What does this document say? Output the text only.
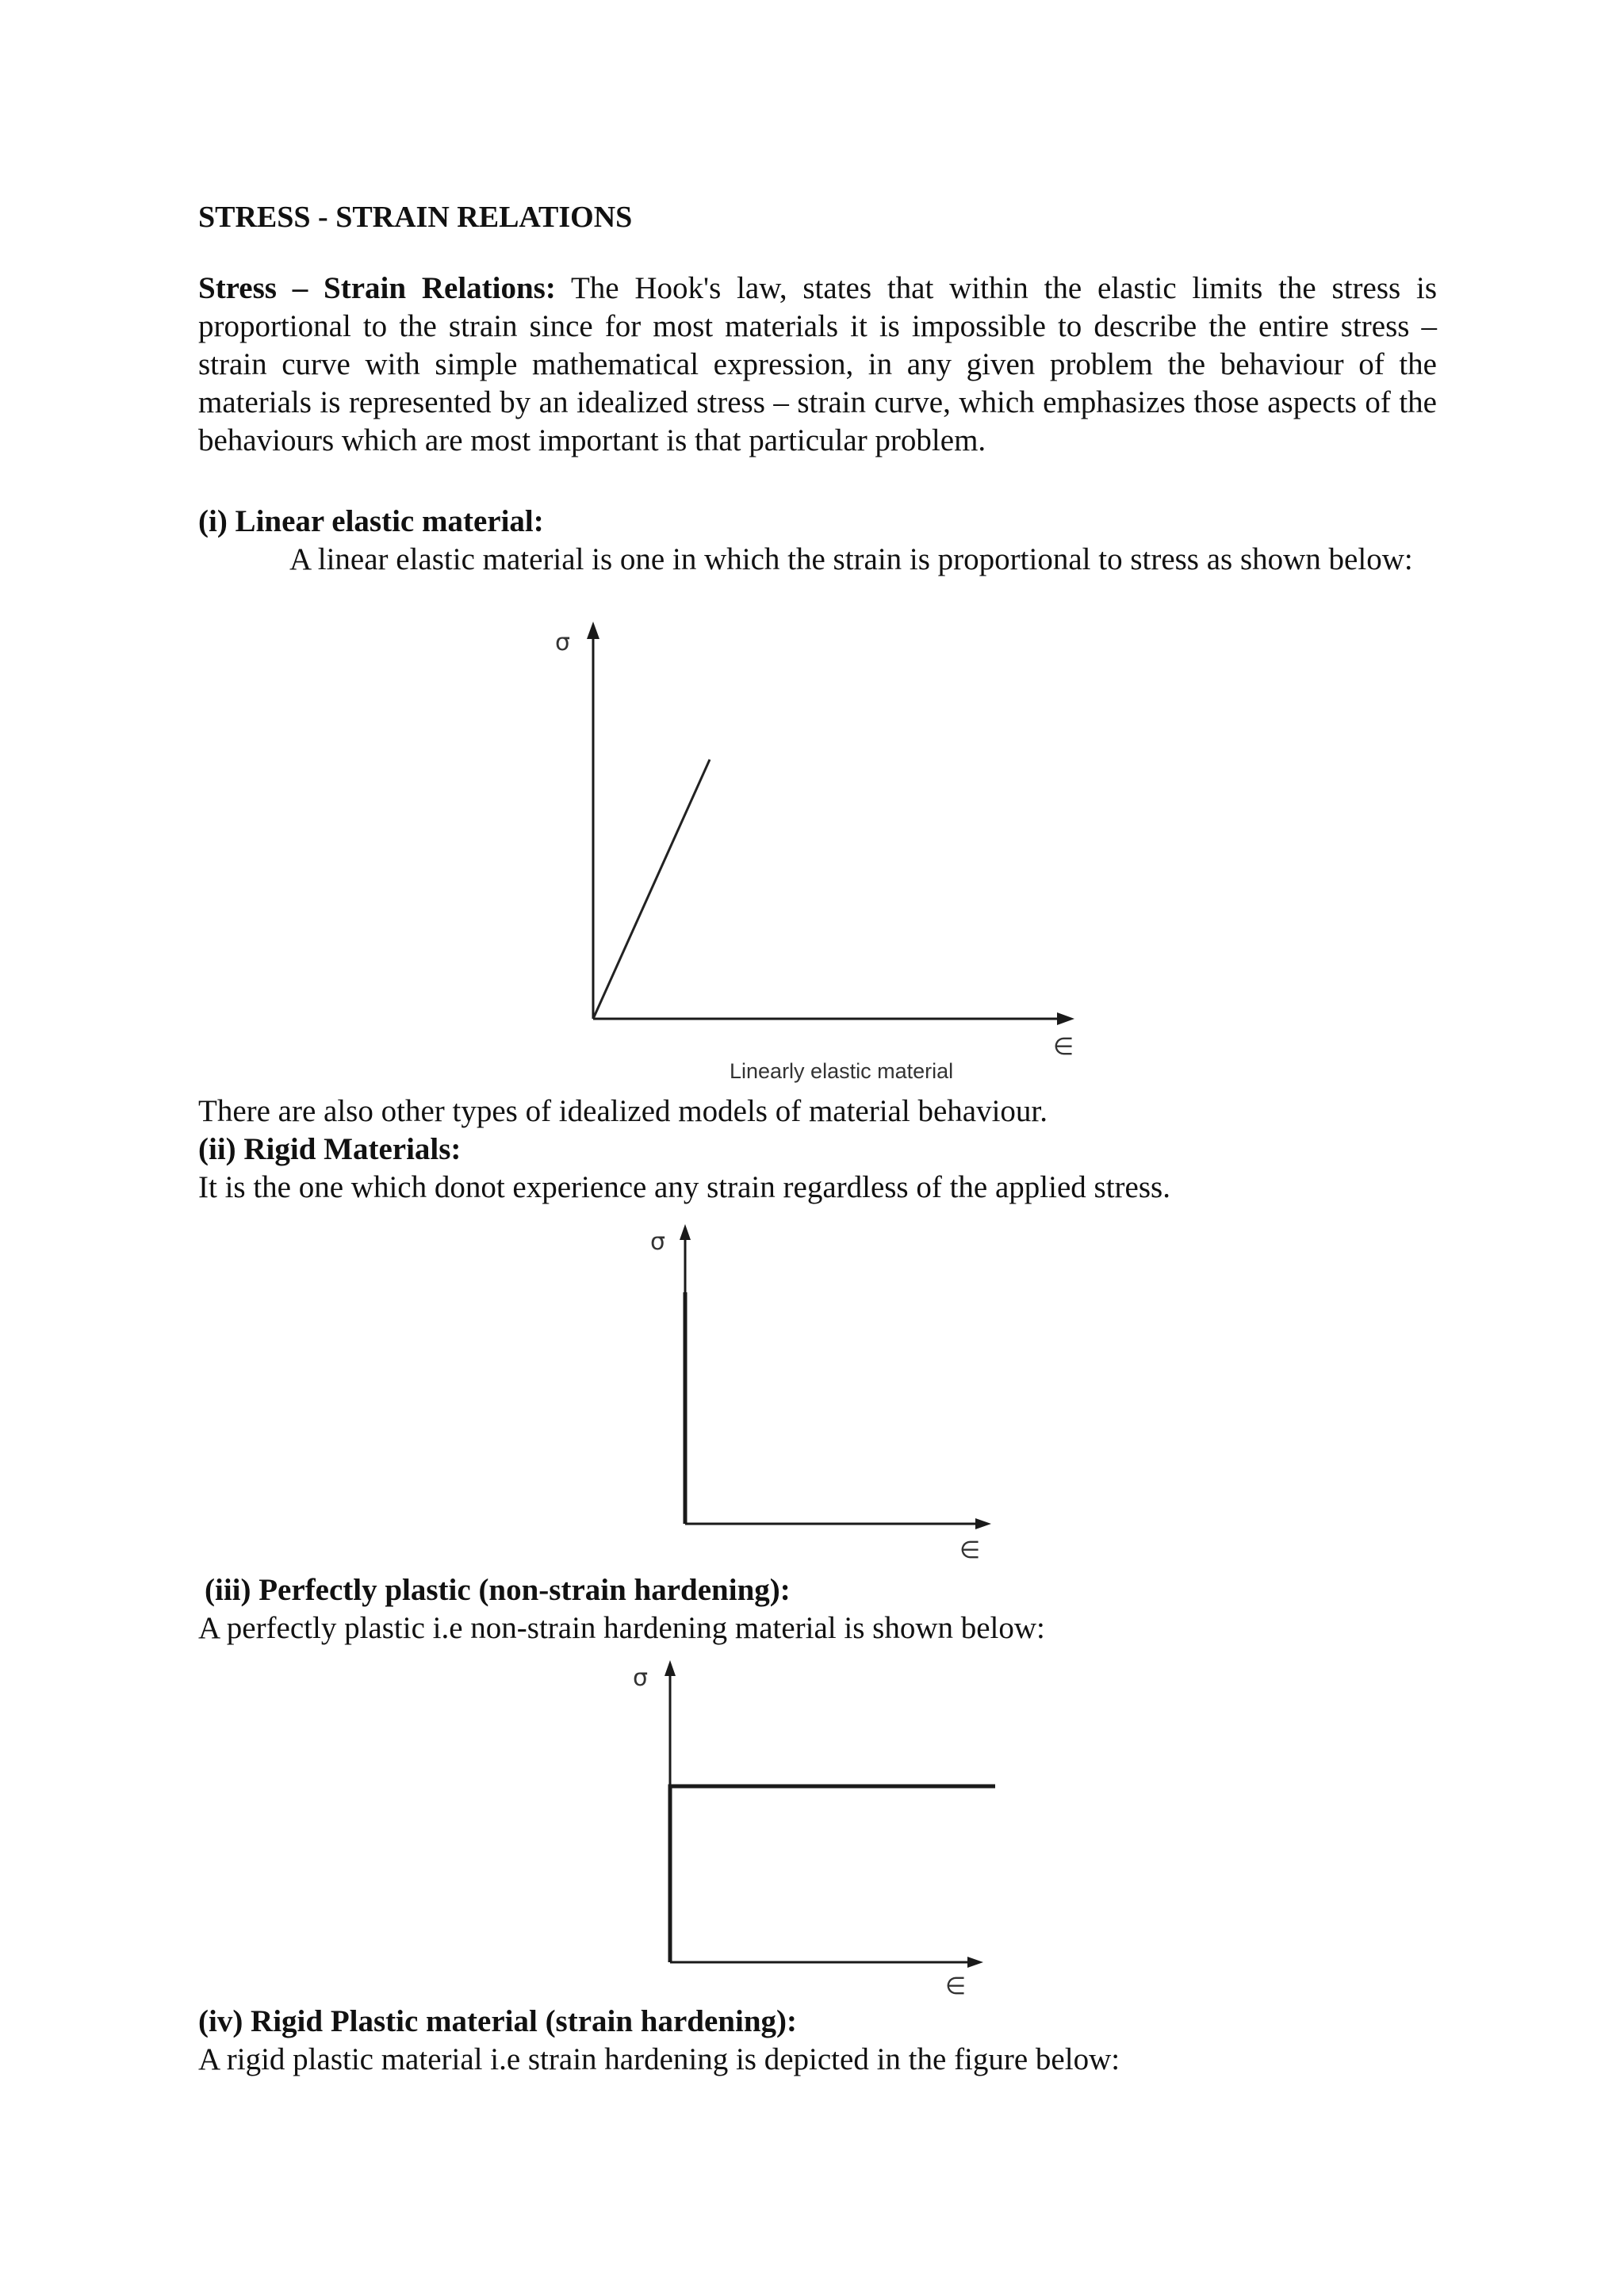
STRESS - STRAIN RELATIONS
Stress – Strain Relations: The Hook's law, states that within the elastic limits the stress is proportional to the strain since for most materials it is impossible to describe the entire stress – strain curve with simple mathematical expression, in any given problem the behaviour of the materials is represented by an idealized stress – strain curve, which emphasizes those aspects of the behaviours which are most important is that particular problem.
(i) Linear elastic material:
A linear elastic material is one in which the strain is proportional to stress as shown below:
σ
∈
Linearly elastic material
There are also other types of idealized models of material behaviour.
(ii) Rigid Materials:
It is the one which donot experience any strain regardless of the applied stress.
σ
∈
(iii) Perfectly plastic (non-strain hardening):
A perfectly plastic i.e non-strain hardening material is shown below:
σ
∈
(iv) Rigid Plastic material (strain hardening):
A rigid plastic material i.e strain hardening is depicted in the figure below:
